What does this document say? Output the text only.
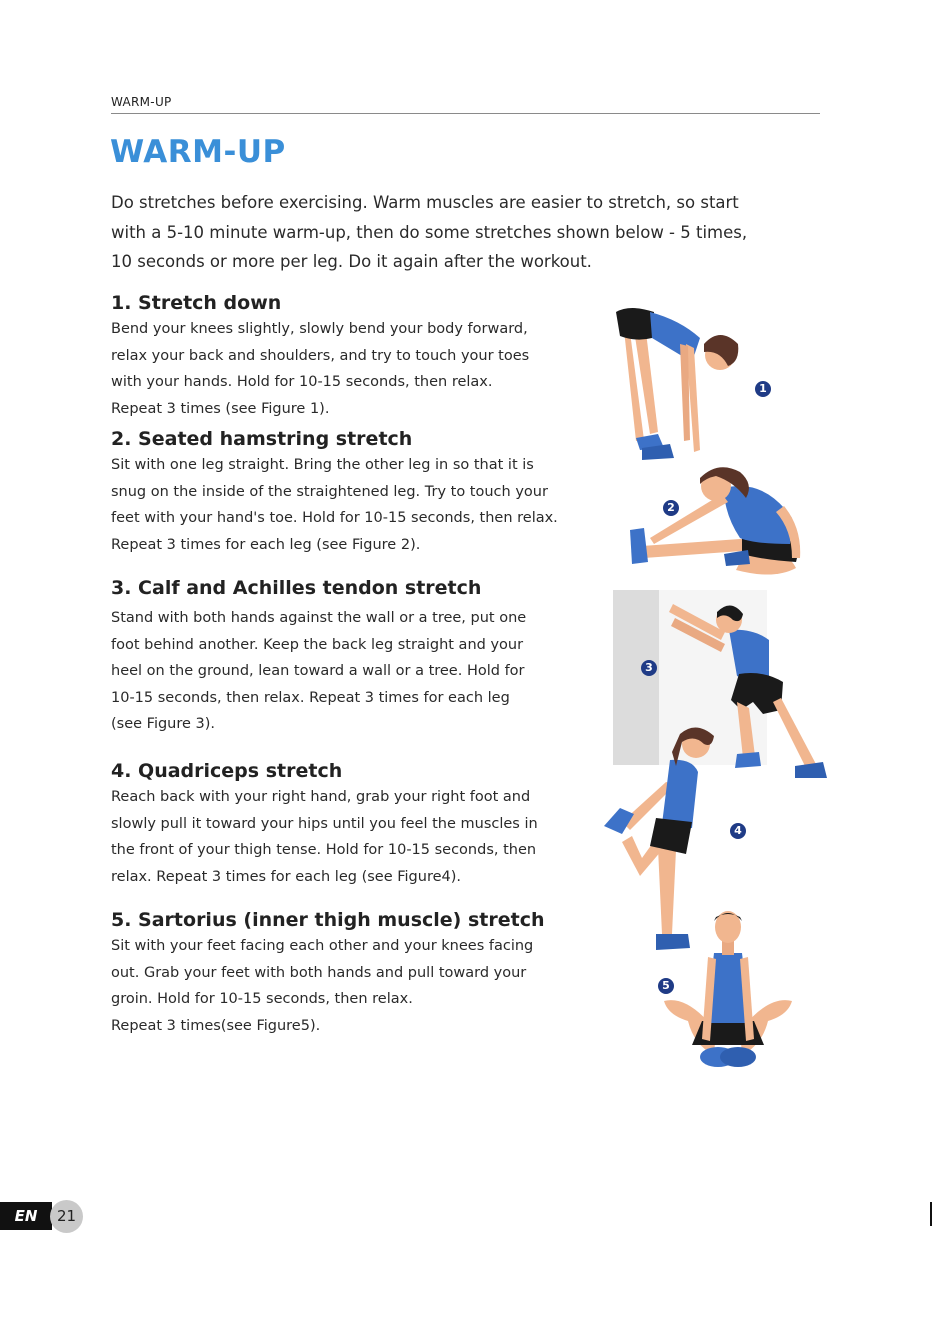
WARM-UP
WARM-UP

Do stretches before exercising. Warm muscles are easier to stretch, so start
with a 5-10 minute warm-up, then do some stretches shown below - 5 times,
10 seconds or more per leg. Do it again after the workout.

1. Stretch down

Bend your knees slightly, slowly bend your body forward,
relax your back and shoulders, and try to touch your toes
with your hands. Hold for 10-15 seconds, then relax.
Repeat 3 times (see Figure 1).

2. Seated hamstring stretch

Sit with one leg straight. Bring the other leg in so that it is
snug on the inside of the straightened leg. Try to touch your
feet with your hand's toe. Hold for 10-15 seconds, then relax.
Repeat 3 times for each leg (see Figure 2).

3. Calf and Achilles tendon stretch

Stand with both hands against the wall or a tree, put one
foot behind another. Keep the back leg straight and your
heel on the ground, lean toward a wall or a tree. Hold for
10-15 seconds, then relax. Repeat 3 times for each leg
(see Figure 3).

4. Quadriceps stretch

Reach back with your right hand, grab your right foot and
slowly pull it toward your hips until you feel the muscles in
the front of your thigh tense. Hold for 10-15 seconds, then
relax. Repeat 3 times for each leg (see Figure4).

5. Sartorius (inner thigh muscle) stretch

Sit with your feet facing each other and your knees facing
out. Grab your feet with both hands and pull toward your
groin. Hold for 10-15 seconds, then relax.
Repeat 3 times(see Figure5).

1
2
3
4
5
EN	21
